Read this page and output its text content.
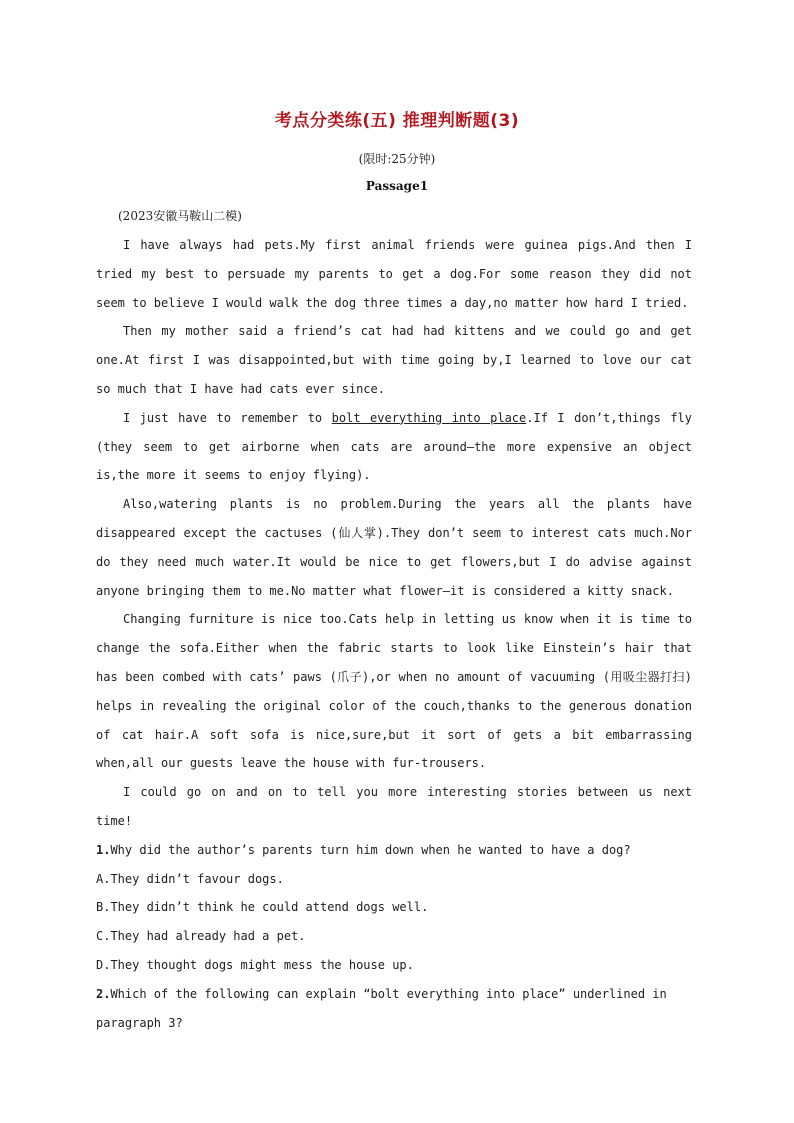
考点分类练(五) 推理判断题(3)
(限时:25分钟)
Passage1
(2023安徽马鞍山二模)

I have always had pets.My first animal friends were guinea pigs.And then I tried my best to persuade my parents to get a dog.For some reason they did not seem to believe I would walk the dog three times a day,no matter how hard I tried.

Then my mother said a friend’s cat had had kittens and we could go and get one.At first I was disappointed,but with time going by,I learned to love our cat so much that I have had cats ever since.

I just have to remember to bolt everything into place.If I don’t,things fly (they seem to get airborne when cats are around—the more expensive an object is,the more it seems to enjoy flying).

Also,watering plants is no problem.During the years all the plants have disappeared except the cactuses (仙人掌).They don’t seem to interest cats much.Nor do they need much water.It would be nice to get flowers,but I do advise against anyone bringing them to me.No matter what flower—it is considered a kitty snack.

Changing furniture is nice too.Cats help in letting us know when it is time to change the sofa.Either when the fabric starts to look like Einstein’s hair that has been combed with cats’ paws (爪子),or when no amount of vacuuming (用吸尘器打扫) helps in revealing the original color of the couch,thanks to the generous donation of cat hair.A soft sofa is nice,sure,but it sort of gets a bit embarrassing when,all our guests leave the house with fur-trousers.

I could go on and on to tell you more interesting stories between us next time!

1.Why did the author’s parents turn him down when he wanted to have a dog?

A.They didn’t favour dogs.

B.They didn’t think he could attend dogs well.

C.They had already had a pet.

D.They thought dogs might mess the house up.

2.Which of the following can explain “bolt everything into place” underlined in paragraph 3?
